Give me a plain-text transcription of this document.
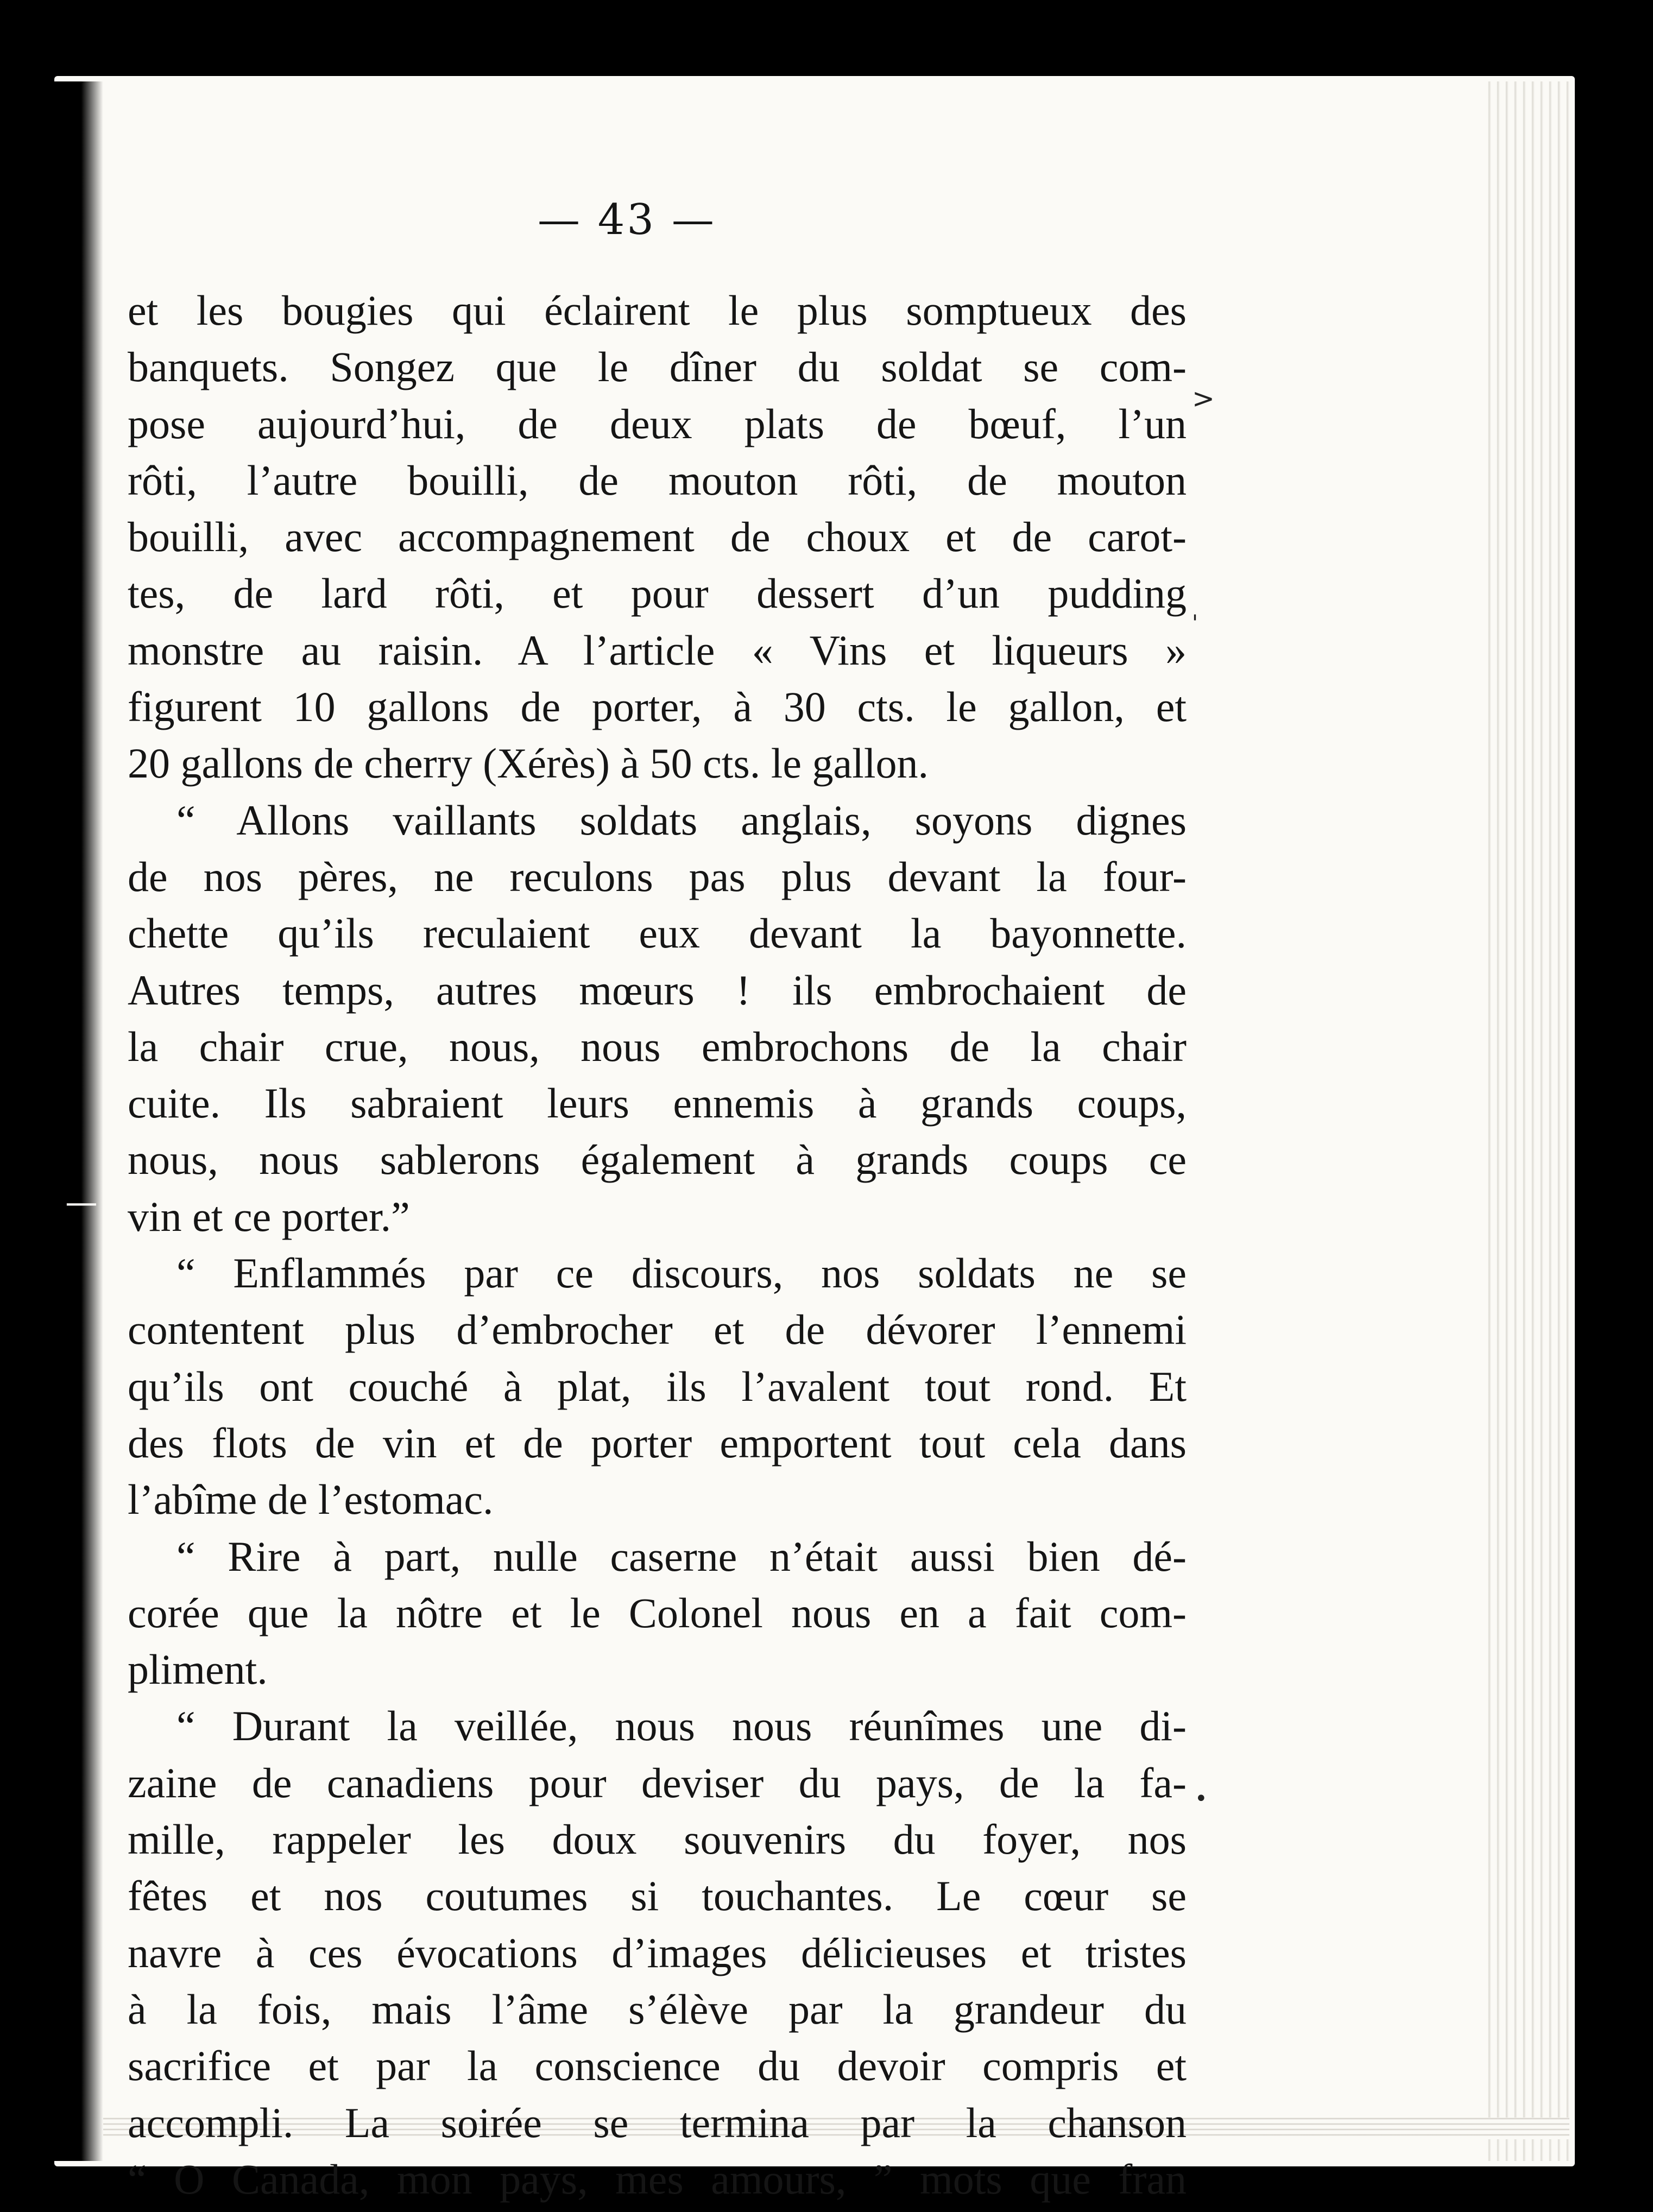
— 43 —
et les bougies qui éclairent le plus somptueux des
banquets. Songez que le dîner du soldat se com-
pose aujourd’hui, de deux plats de bœuf, l’un
rôti, l’autre bouilli, de mouton rôti, de mouton
bouilli, avec accompagnement de choux et de carot-
tes, de lard rôti, et pour dessert d’un pudding
monstre au raisin. A l’article « Vins et liqueurs »
figurent 10 gallons de porter, à 30 cts. le gallon, et
20 gallons de cherry (Xérès) à 50 cts. le gallon.
“ Allons vaillants soldats anglais, soyons dignes
de nos pères, ne reculons pas plus devant la four-
chette qu’ils reculaient eux devant la bayonnette.
Autres temps, autres mœurs ! ils embrochaient de
la chair crue, nous, nous embrochons de la chair
cuite. Ils sabraient leurs ennemis à grands coups,
nous, nous sablerons également à grands coups ce
vin et ce porter.”
“ Enflammés par ce discours, nos soldats ne se
contentent plus d’embrocher et de dévorer l’ennemi
qu’ils ont couché à plat, ils l’avalent tout rond. Et
des flots de vin et de porter emportent tout cela dans
l’abîme de l’estomac.
“ Rire à part, nulle caserne n’était aussi bien dé-
corée que la nôtre et le Colonel nous en a fait com-
pliment.
“ Durant la veillée, nous nous réunîmes une di-
zaine de canadiens pour deviser du pays, de la fa-
mille, rappeler les doux souvenirs du foyer, nos
fêtes et nos coutumes si touchantes. Le cœur se
navre à ces évocations d’images délicieuses et tristes
à la fois, mais l’âme s’élève par la grandeur du
sacrifice et par la conscience du devoir compris et
accompli. La soirée se termina par la chanson
“ O Canada, mon pays, mes amours, ” mots que fran
>
'
•
—
